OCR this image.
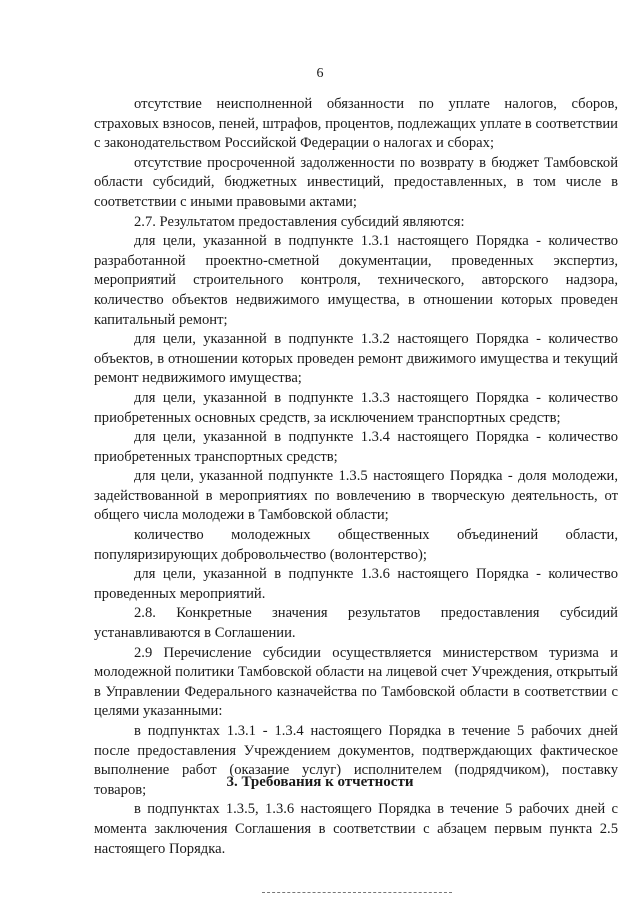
6

отсутствие неисполненной обязанности по уплате налогов, сборов, страховых взносов, пеней, штрафов, процентов, подлежащих уплате в соответствии с законодательством Российской Федерации о налогах и сборах;

отсутствие просроченной задолженности по возврату в бюджет Тамбовской области субсидий, бюджетных инвестиций, предоставленных, в том числе в соответствии с иными правовыми актами;

2.7. Результатом предоставления субсидий являются:

для цели, указанной в подпункте 1.3.1 настоящего Порядка - количество разработанной проектно-сметной документации, проведенных экспертиз, мероприятий строительного контроля, технического, авторского надзора, количество объектов недвижимого имущества, в отношении которых проведен капитальный ремонт;

для цели, указанной в подпункте 1.3.2 настоящего Порядка - количество объектов, в отношении которых проведен ремонт движимого имущества и текущий ремонт недвижимого имущества;

для цели, указанной в подпункте 1.3.3 настоящего Порядка - количество приобретенных основных средств, за исключением транспортных средств;

для цели, указанной в подпункте 1.3.4 настоящего Порядка - количество приобретенных транспортных средств;

для цели, указанной подпункте 1.3.5 настоящего Порядка - доля молодежи, задействованной в мероприятиях по вовлечению в творческую деятельность, от общего числа молодежи в Тамбовской области;

количество молодежных общественных объединений области, популяризирующих добровольчество (волонтерство);

для цели, указанной в подпункте 1.3.6 настоящего Порядка - количество проведенных мероприятий.

2.8. Конкретные значения результатов предоставления субсидий устанавливаются в Соглашении.

2.9 Перечисление субсидии осуществляется министерством туризма и молодежной политики Тамбовской области на лицевой счет Учреждения, открытый в Управлении Федерального казначейства по Тамбовской области в соответствии с целями указанными:

в подпунктах 1.3.1 - 1.3.4 настоящего Порядка в течение 5 рабочих дней после предоставления Учреждением документов, подтверждающих фактическое выполнение работ (оказание услуг) исполнителем (подрядчиком), поставку товаров;

в подпунктах 1.3.5, 1.3.6 настоящего Порядка в течение 5 рабочих дней с момента заключения Соглашения в соответствии с абзацем первым пункта 2.5 настоящего Порядка.

3. Требования к отчетности
